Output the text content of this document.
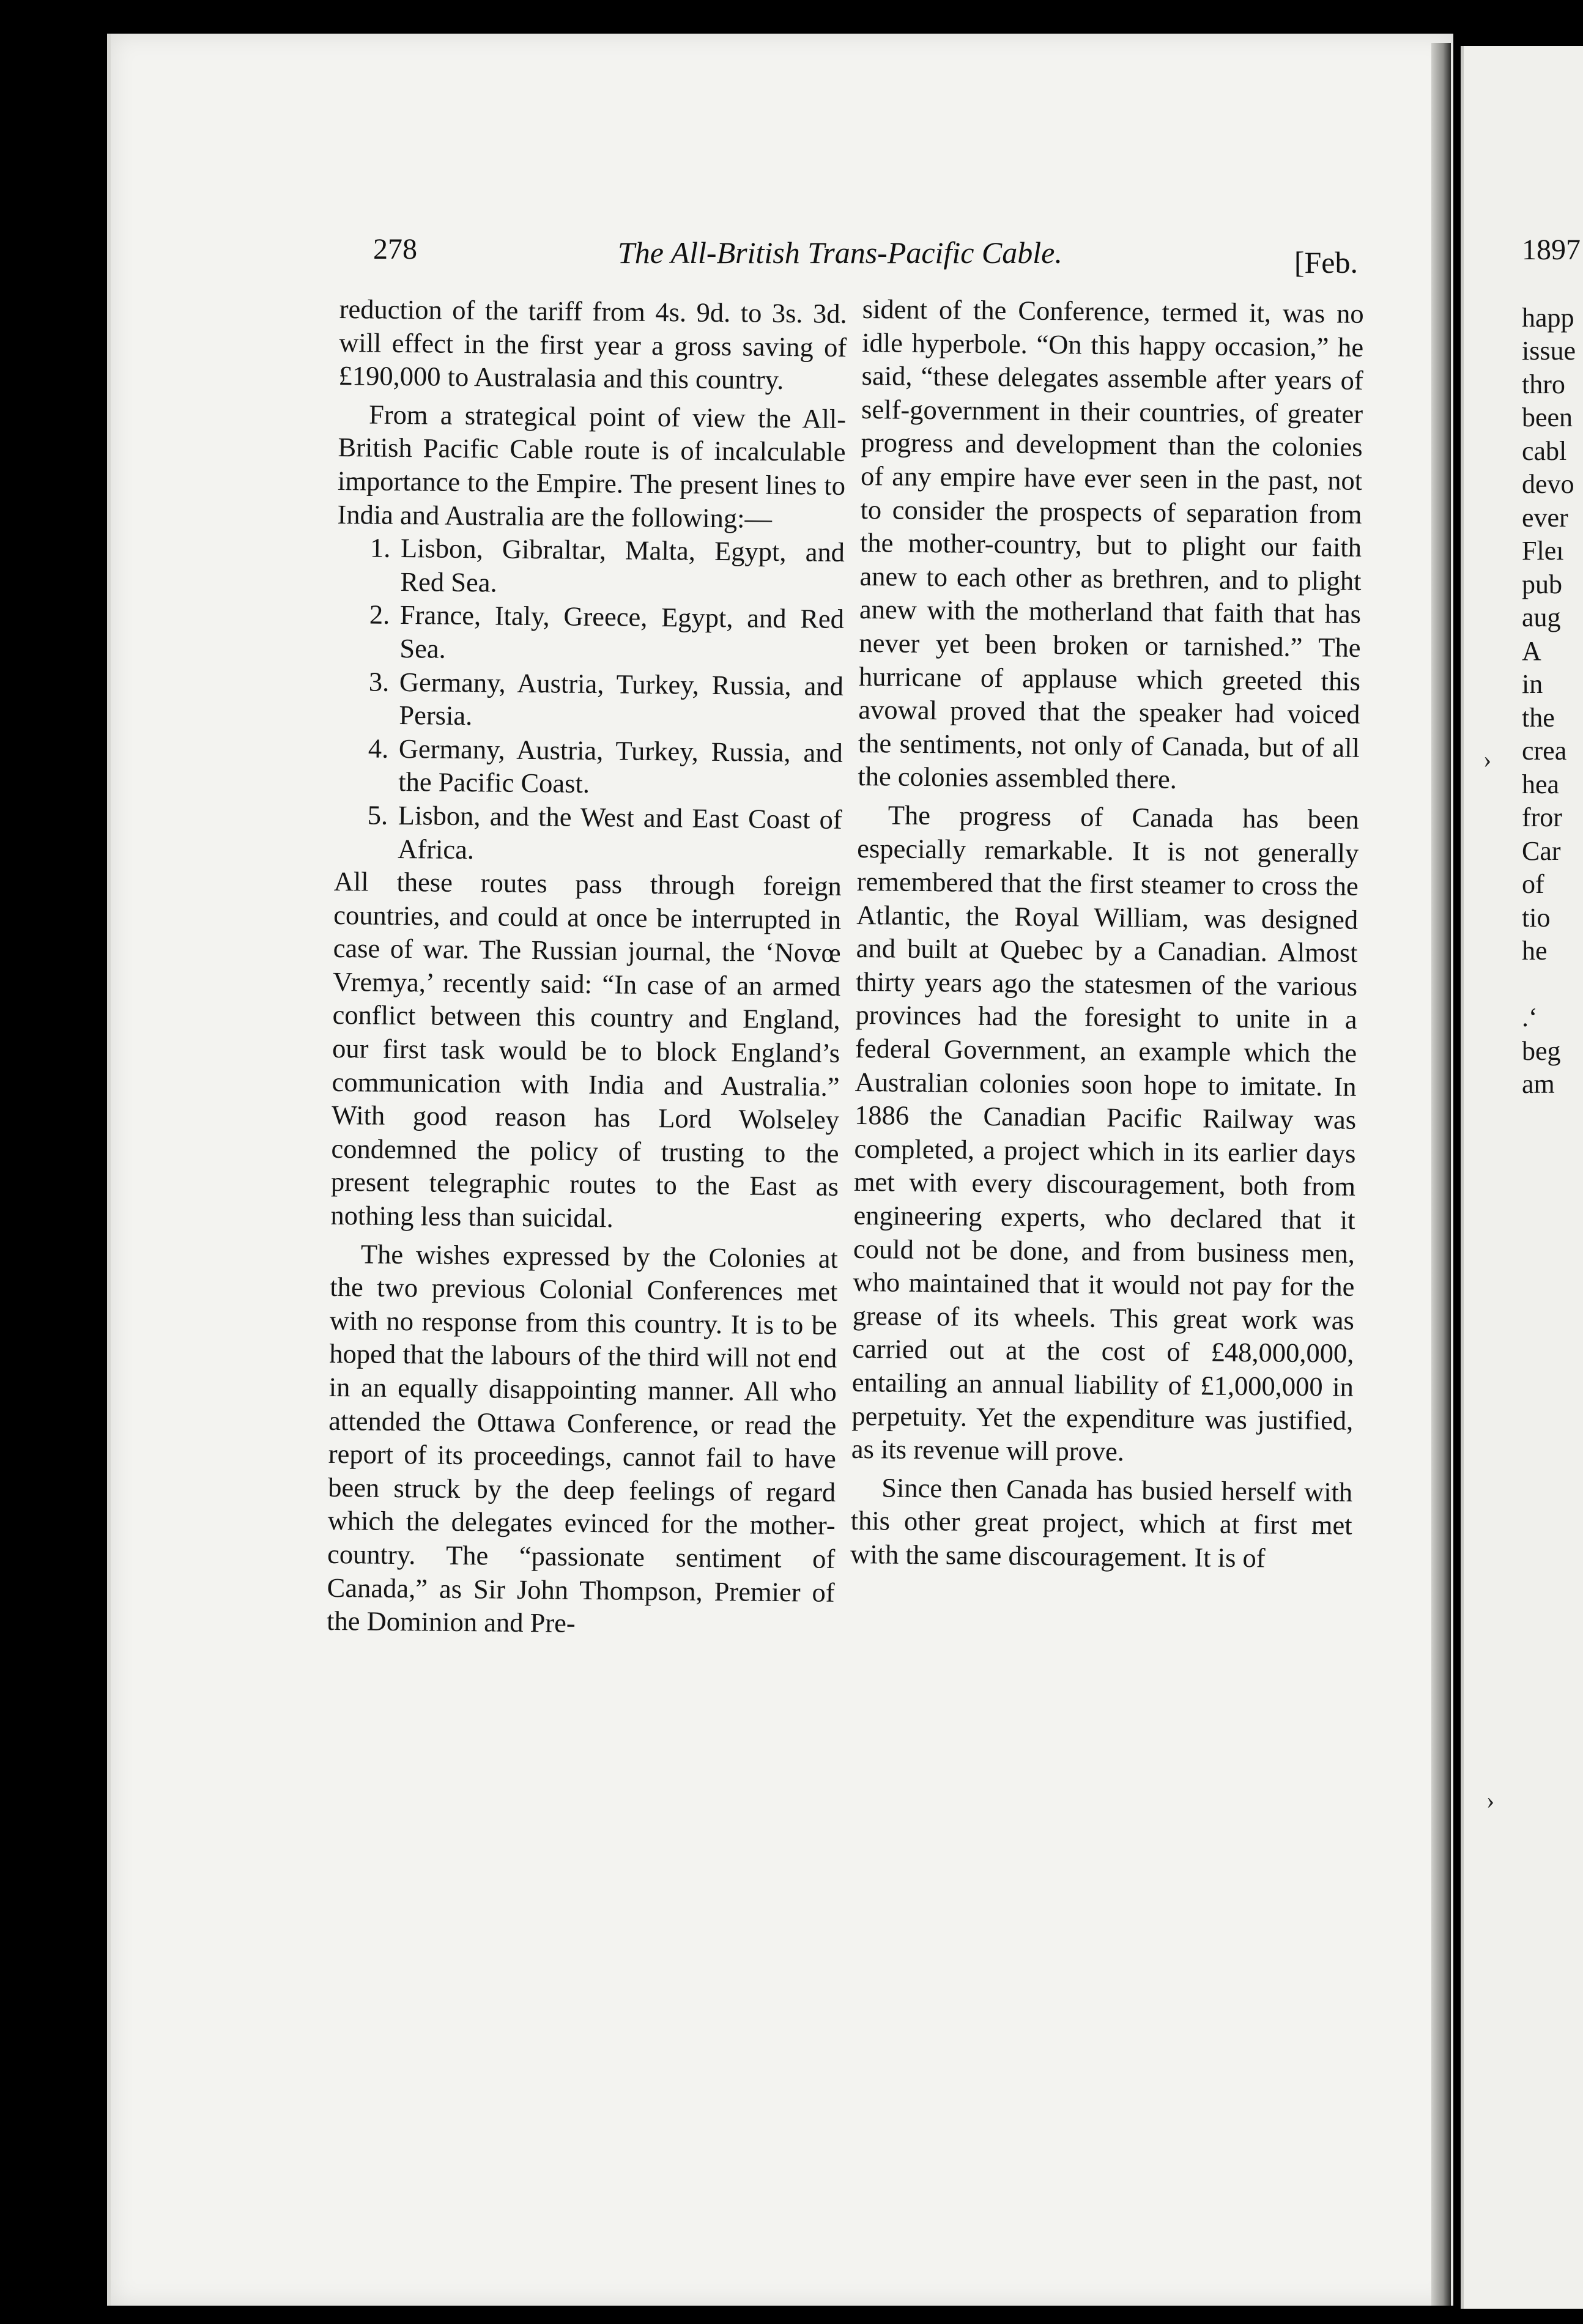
278	The All-British Trans-Pacific Cable.	[Feb.

reduction of the tariff from 4s. 9d. to 3s. 3d. will effect in the first year a gross saving of £190,000 to Australasia and this country.

From a strategical point of view the All-British Pacific Cable route is of incalculable importance to the Empire. The present lines to India and Australia are the following:—

1. Lisbon, Gibraltar, Malta, Egypt, and Red Sea.
2. France, Italy, Greece, Egypt, and Red Sea.
3. Germany, Austria, Turkey, Russia, and Persia.
4. Germany, Austria, Turkey, Russia, and the Pacific Coast.
5. Lisbon, and the West and East Coast of Africa.

All these routes pass through foreign countries, and could at once be interrupted in case of war. The Russian journal, the ‘Novœ Vremya,’ recently said: “In case of an armed conflict between this country and England, our first task would be to block England’s communication with India and Australia.” With good reason has Lord Wolseley condemned the policy of trusting to the present telegraphic routes to the East as nothing less than suicidal.

The wishes expressed by the Colonies at the two previous Colonial Conferences met with no response from this country. It is to be hoped that the labours of the third will not end in an equally disappointing manner. All who attended the Ottawa Conference, or read the report of its proceedings, cannot fail to have been struck by the deep feelings of regard which the delegates evinced for the mother-country. The “passionate sentiment of Canada,” as Sir John Thompson, Premier of the Dominion and Pre-

sident of the Conference, termed it, was no idle hyperbole. “On this happy occasion,” he said, “these delegates assemble after years of self-government in their countries, of greater progress and development than the colonies of any empire have ever seen in the past, not to consider the prospects of separation from the mother-country, but to plight our faith anew to each other as brethren, and to plight anew with the motherland that faith that has never yet been broken or tarnished.” The hurricane of applause which greeted this avowal proved that the speaker had voiced the sentiments, not only of Canada, but of all the colonies assembled there.

The progress of Canada has been especially remarkable. It is not generally remembered that the first steamer to cross the Atlantic, the Royal William, was designed and built at Quebec by a Canadian. Almost thirty years ago the statesmen of the various provinces had the foresight to unite in a federal Government, an example which the Australian colonies soon hope to imitate. In 1886 the Canadian Pacific Railway was completed, a project which in its earlier days met with every discouragement, both from engineering experts, who declared that it could not be done, and from business men, who maintained that it would not pay for the grease of its wheels. This great work was carried out at the cost of £48,000,000, entailing an annual liability of £1,000,000 in perpetuity. Yet the expenditure was justified, as its revenue will prove.

Since then Canada has busied herself with this other great project, which at first met with the same discouragement. It is of

1897
happ
issue
thro
been
cabl
devo
ever
Fleı
pub
aug
A
in
the
crea
hea
fror
Car
of
tio
he

.‘
beg
am
›
›
